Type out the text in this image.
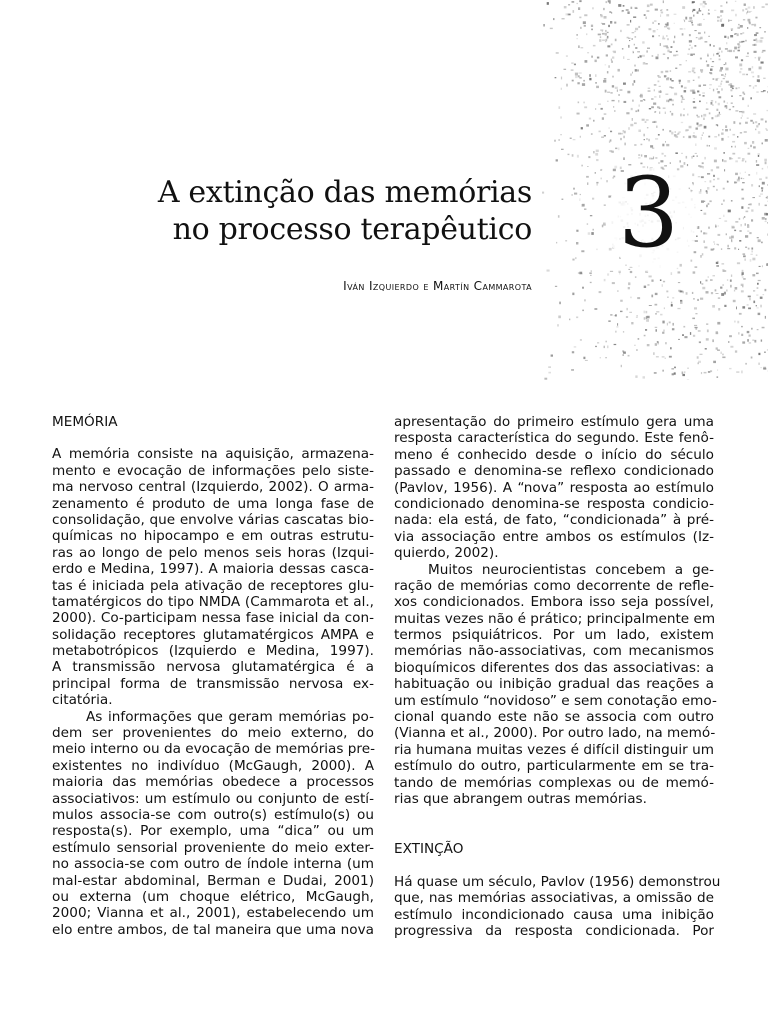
A extinção das memórias
no processo terapêutico 3
Iván Izquierdo e Martín Cammarota
MEMÓRIA
A memória consiste na aquisição, armazena-
mento e evocação de informações pelo siste-
ma nervoso central (Izquierdo, 2002). O arma-
zenamento é produto de uma longa fase de
consolidação, que envolve várias cascatas bio-
químicas no hipocampo e em outras estrutu-
ras ao longo de pelo menos seis horas (Izqui-
erdo e Medina, 1997). A maioria dessas casca-
tas é iniciada pela ativação de receptores glu-
tamatérgicos do tipo NMDA (Cammarota et al.,
2000). Co-participam nessa fase inicial da con-
solidação receptores glutamatérgicos AMPA e
metabotrópicos (Izquierdo e Medina, 1997).
A transmissão nervosa glutamatérgica é a
principal forma de transmissão nervosa ex-
citatória.
As informações que geram memórias po-
dem ser provenientes do meio externo, do
meio interno ou da evocação de memórias pre-
existentes no indivíduo (McGaugh, 2000). A
maioria das memórias obedece a processos
associativos: um estímulo ou conjunto de estí-
mulos associa-se com outro(s) estímulo(s) ou
resposta(s). Por exemplo, uma “dica” ou um
estímulo sensorial proveniente do meio exter-
no associa-se com outro de índole interna (um
mal-estar abdominal, Berman e Dudai, 2001)
ou externa (um choque elétrico, McGaugh,
2000; Vianna et al., 2001), estabelecendo um
elo entre ambos, de tal maneira que uma nova
apresentação do primeiro estímulo gera uma
resposta característica do segundo. Este fenô-
meno é conhecido desde o início do século
passado e denomina-se reflexo condicionado
(Pavlov, 1956). A “nova” resposta ao estímulo
condicionado denomina-se resposta condicio-
nada: ela está, de fato, “condicionada” à pré-
via associação entre ambos os estímulos (Iz-
quierdo, 2002).
Muitos neurocientistas concebem a ge-
ração de memórias como decorrente de refle-
xos condicionados. Embora isso seja possível,
muitas vezes não é prático; principalmente em
termos psiquiátricos. Por um lado, existem
memórias não-associativas, com mecanismos
bioquímicos diferentes dos das associativas: a
habituação ou inibição gradual das reações a
um estímulo “novidoso” e sem conotação emo-
cional quando este não se associa com outro
(Vianna et al., 2000). Por outro lado, na memó-
ria humana muitas vezes é difícil distinguir um
estímulo do outro, particularmente em se tra-
tando de memórias complexas ou de memó-
rias que abrangem outras memórias.
EXTINÇÃO
Há quase um século, Pavlov (1956) demonstrou
que, nas memórias associativas, a omissão de
estímulo incondicionado causa uma inibição
progressiva da resposta condicionada. Por
